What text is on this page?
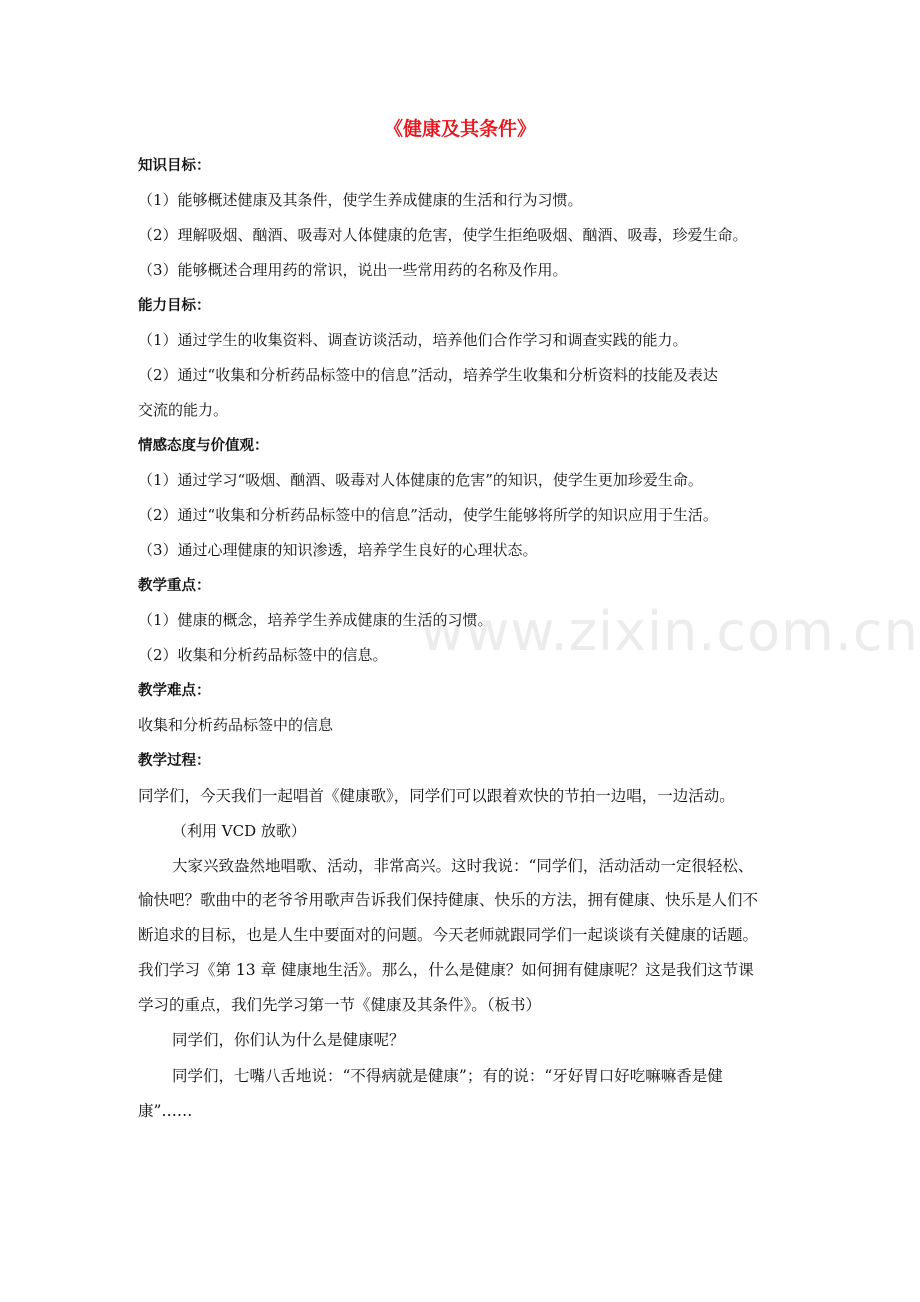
www.zixin.com.cn
《健康及其条件》
知识目标：
（1）能够概述健康及其条件，使学生养成健康的生活和行为习惯。
（2）理解吸烟、酗酒、吸毒对人体健康的危害，使学生拒绝吸烟、酗酒、吸毒，珍爱生命。
（3）能够概述合理用药的常识，说出一些常用药的名称及作用。
能力目标：
（1）通过学生的收集资料、调查访谈活动，培养他们合作学习和调查实践的能力。
（2）通过“收集和分析药品标签中的信息”活动，培养学生收集和分析资料的技能及表达
交流的能力。
情感态度与价值观：
（1）通过学习“吸烟、酗酒、吸毒对人体健康的危害”的知识，使学生更加珍爱生命。
（2）通过“收集和分析药品标签中的信息”活动，使学生能够将所学的知识应用于生活。
（3）通过心理健康的知识渗透，培养学生良好的心理状态。
教学重点：
（1）健康的概念，培养学生养成健康的生活的习惯。
（2）收集和分析药品标签中的信息。
教学难点：
收集和分析药品标签中的信息
教学过程：
同学们，今天我们一起唱首《健康歌》，同学们可以跟着欢快的节拍一边唱，一边活动。
（利用 VCD 放歌）
大家兴致盎然地唱歌、活动，非常高兴。这时我说：“同学们，活动活动一定很轻松、
愉快吧？歌曲中的老爷爷用歌声告诉我们保持健康、快乐的方法，拥有健康、快乐是人们不
断追求的目标，也是人生中要面对的问题。今天老师就跟同学们一起谈谈有关健康的话题。
我们学习《第 13 章 健康地生活》。那么，什么是健康？如何拥有健康呢？这是我们这节课
学习的重点，我们先学习第一节《健康及其条件》。（板书）
同学们，你们认为什么是健康呢？
同学们，七嘴八舌地说：“不得病就是健康”；有的说：“牙好胃口好吃嘛嘛香是健
康”……
